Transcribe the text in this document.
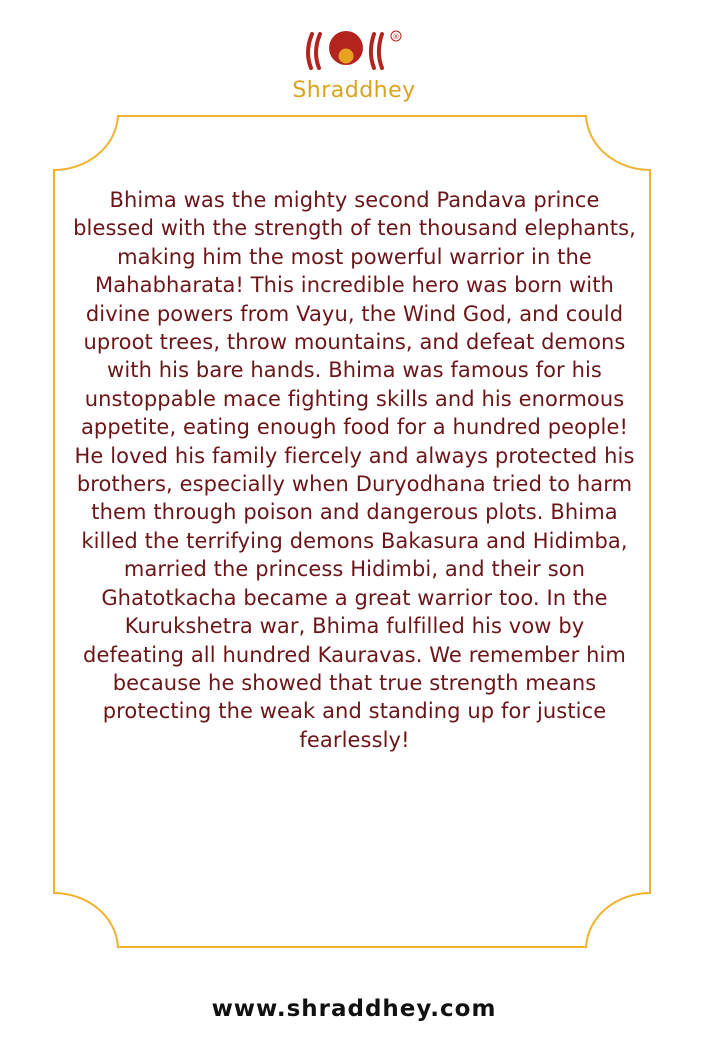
®
Shraddhey

Bhima was the mighty second Pandava prince blessed with the strength of ten thousand elephants, making him the most powerful warrior in the Mahabharata! This incredible hero was born with divine powers from Vayu, the Wind God, and could uproot trees, throw mountains, and defeat demons with his bare hands. Bhima was famous for his unstoppable mace fighting skills and his enormous appetite, eating enough food for a hundred people! He loved his family fiercely and always protected his brothers, especially when Duryodhana tried to harm them through poison and dangerous plots. Bhima killed the terrifying demons Bakasura and Hidimba, married the princess Hidimbi, and their son Ghatotkacha became a great warrior too. In the Kurukshetra war, Bhima fulfilled his vow by defeating all hundred Kauravas. We remember him because he showed that true strength means protecting the weak and standing up for justice fearlessly!

www.shraddhey.com
